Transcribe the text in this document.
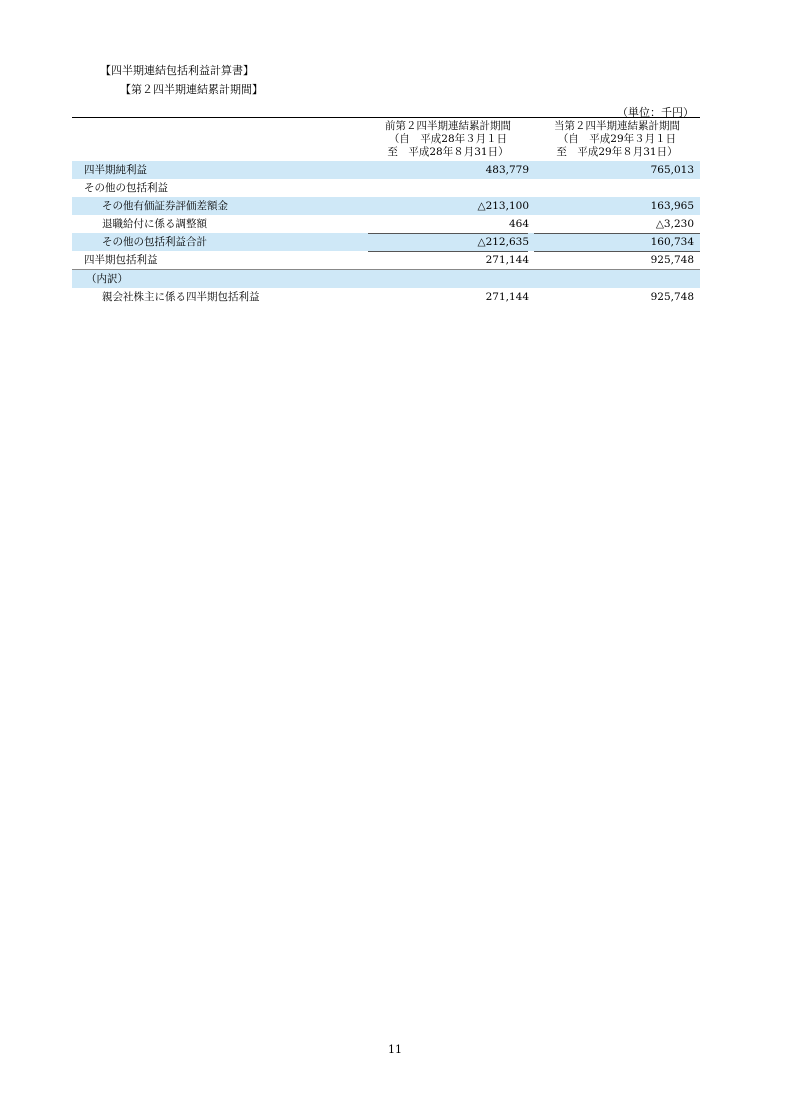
【四半期連結包括利益計算書】
【第２四半期連結累計期間】
（単位：千円）
前第２四半期連結累計期間
（自　平成28年３月１日
至　平成28年８月31日）
当第２四半期連結累計期間
（自　平成29年３月１日
至　平成29年８月31日）
四半期純利益	483,779	765,013
その他の包括利益
その他有価証券評価差額金	△213,100	163,965
退職給付に係る調整額	464	△3,230
その他の包括利益合計	△212,635	160,734
四半期包括利益	271,144	925,748
（内訳）
親会社株主に係る四半期包括利益	271,144	925,748
11
